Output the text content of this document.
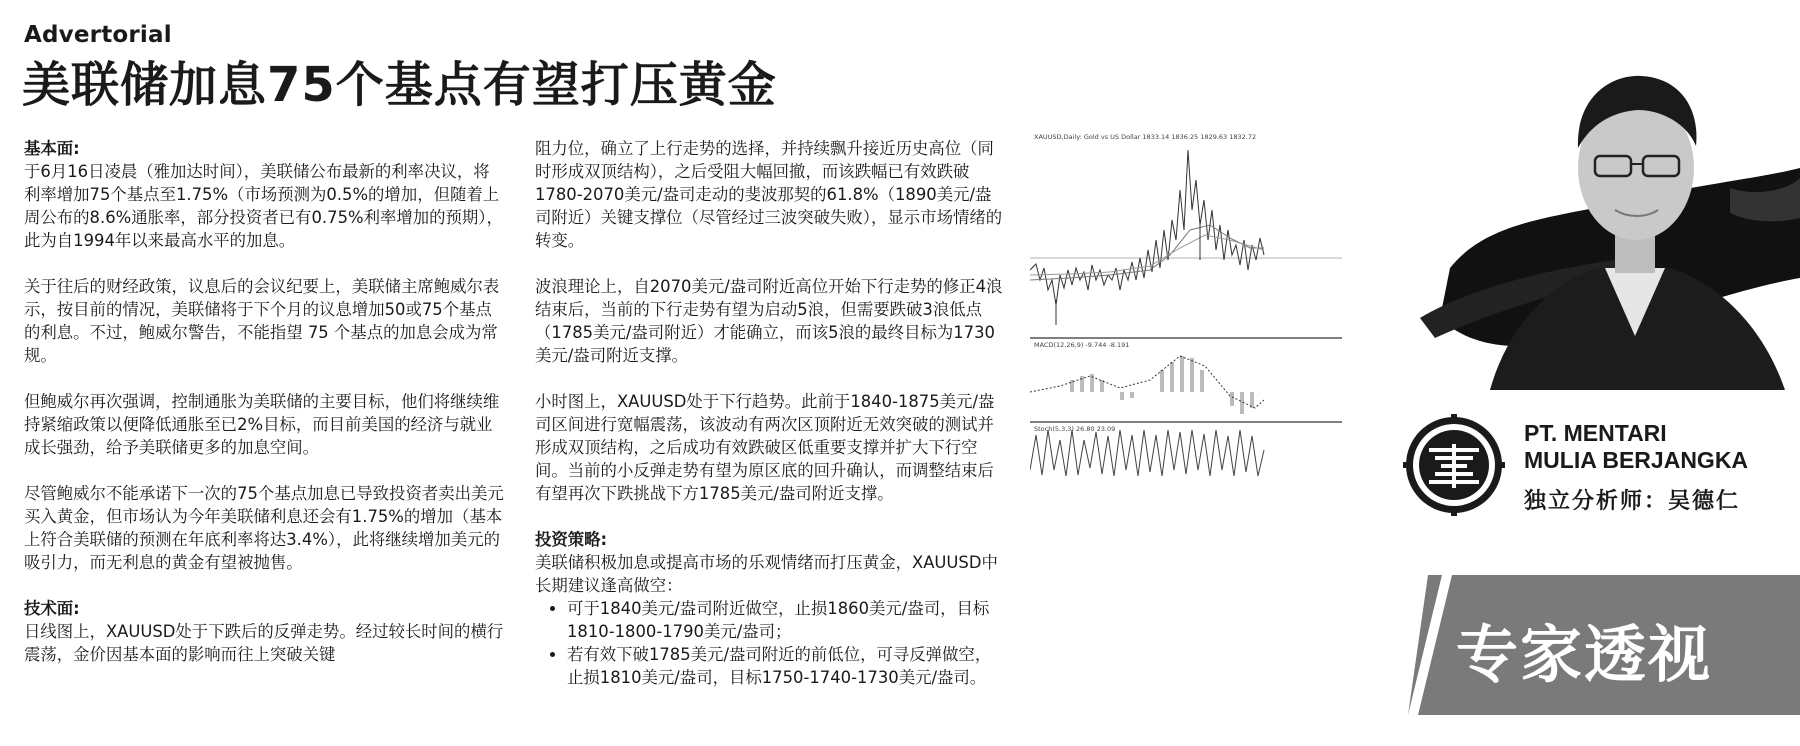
Advertorial
美联储加息75个基点有望打压黄金
基本面:

于6月16日凌晨（雅加达时间），美联储公布最新的利率决议，将利率增加75个基点至1.75%（市场预测为0.5%的增加，但随着上周公布的8.6%通胀率，部分投资者已有0.75%利率增加的预期），此为自1994年以来最高水平的加息。

关于往后的财经政策，议息后的会议纪要上，美联储主席鲍威尔表示，按目前的情况，美联储将于下个月的议息增加50或75个基点的利息。不过，鲍威尔警告，不能指望 75 个基点的加息会成为常规。

但鲍威尔再次强调，控制通胀为美联储的主要目标，他们将继续维持紧缩政策以便降低通胀至已2%目标，而目前美国的经济与就业成长强劲，给予美联储更多的加息空间。

尽管鲍威尔不能承诺下一次的75个基点加息已导致投资者卖出美元买入黄金，但市场认为今年美联储利息还会有1.75%的增加（基本上符合美联储的预测在年底利率将达3.4%），此将继续增加美元的吸引力，而无利息的黄金有望被抛售。

技术面:
日线图上，XAUUSD处于下跌后的反弹走势。经过较长时间的横行震荡，金价因基本面的影响而往上突破关键

阻力位，确立了上行走势的选择，并持续飘升接近历史高位（同时形成双顶结构），之后受阻大幅回撤，而该跌幅已有效跌破1780-2070美元/盎司走动的斐波那契的61.8%（1890美元/盎司附近）关键支撑位（尽管经过三波突破失败），显示市场情绪的转变。

波浪理论上，自2070美元/盎司附近高位开始下行走势的修正4浪结束后，当前的下行走势有望为启动5浪，但需要跌破3浪低点（1785美元/盎司附近）才能确立，而该5浪的最终目标为1730美元/盎司附近支撑。

小时图上，XAUUSD处于下行趋势。此前于1840-1875美元/盎司区间进行宽幅震荡，该波动有两次区顶附近无效突破的测试并形成双顶结构，之后成功有效跌破区低重要支撑并扩大下行空间。当前的小反弹走势有望为原区底的回升确认，而调整结束后有望再次下跌挑战下方1785美元/盎司附近支撑。

投资策略:
美联储积极加息或提高市场的乐观情绪而打压黄金，XAUUSD中长期建议逢高做空：
• 可于1840美元/盎司附近做空，止损1860美元/盎司，目标1810-1800-1790美元/盎司；
• 若有效下破1785美元/盎司附近的前低位，可寻反弹做空，止损1810美元/盎司，目标1750-1740-1730美元/盎司。
XAUUSD,Daily: Gold vs US Dollar 1833.14 1836.25 1829.63 1832.72
MACD(12,26,9) -9.744 -8.191
Stoch(5,3,3) 26.80 23.09	PT. MENTARI
MULIA BERJANGKA
独立分析师：吴德仁
专家透视
